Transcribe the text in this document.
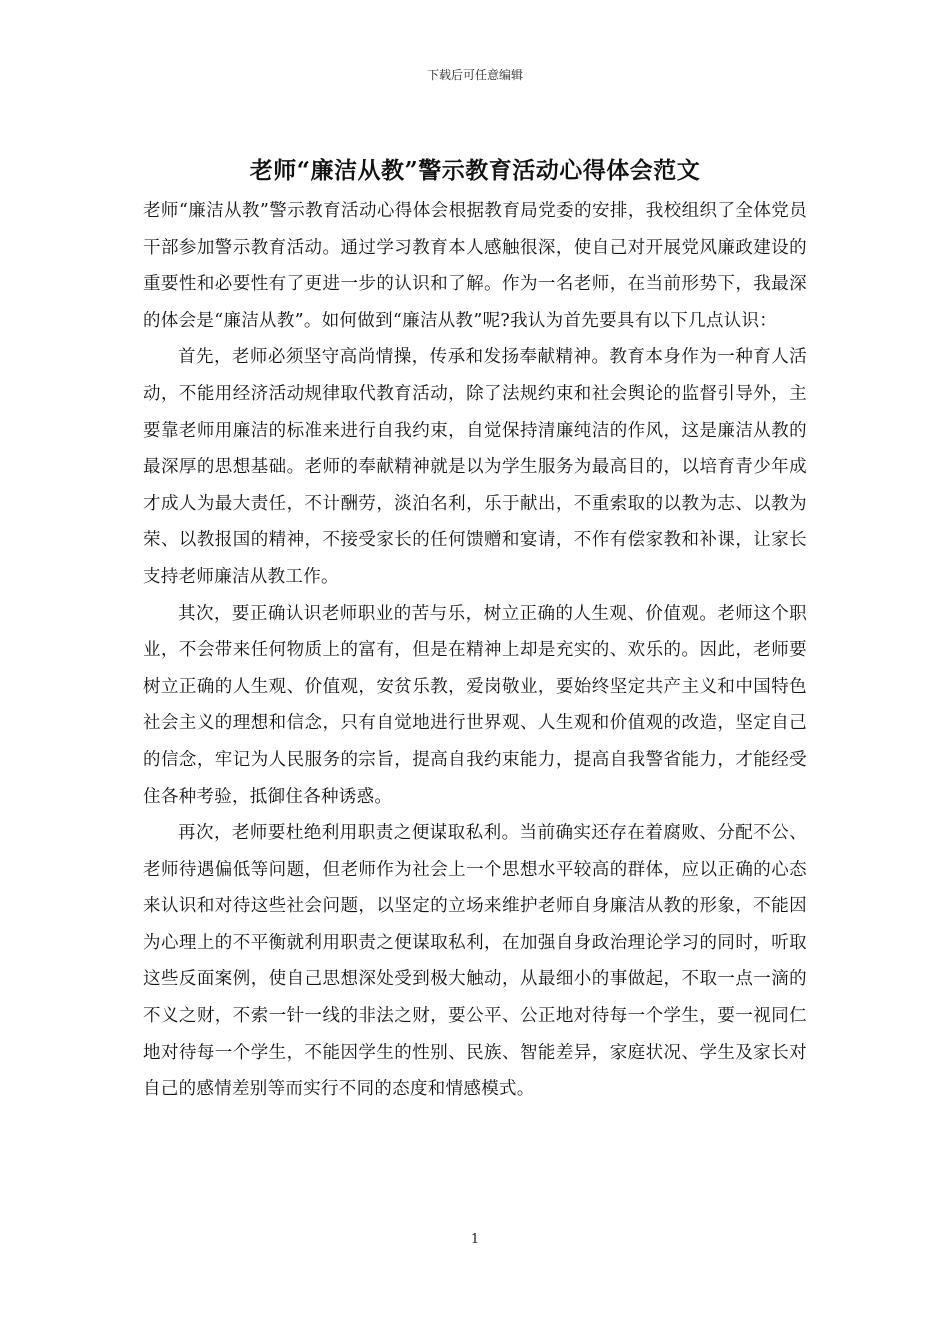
下载后可任意编辑
老师“廉洁从教”警示教育活动心得体会范文

老师“廉洁从教”警示教育活动心得体会根据教育局党委的安排，我校组织了全体党员干部参加警示教育活动。通过学习教育本人感触很深，使自己对开展党风廉政建设的重要性和必要性有了更进一步的认识和了解。作为一名老师，在当前形势下，我最深的体会是“廉洁从教”。如何做到“廉洁从教”呢?我认为首先要具有以下几点认识：

首先，老师必须坚守高尚情操，传承和发扬奉献精神。教育本身作为一种育人活动，不能用经济活动规律取代教育活动，除了法规约束和社会舆论的监督引导外，主要靠老师用廉洁的标准来进行自我约束，自觉保持清廉纯洁的作风，这是廉洁从教的最深厚的思想基础。老师的奉献精神就是以为学生服务为最高目的，以培育青少年成才成人为最大责任，不计酬劳，淡泊名利，乐于献出，不重索取的以教为志、以教为荣、以教报国的精神，不接受家长的任何馈赠和宴请，不作有偿家教和补课，让家长支持老师廉洁从教工作。

其次，要正确认识老师职业的苦与乐，树立正确的人生观、价值观。老师这个职业，不会带来任何物质上的富有，但是在精神上却是充实的、欢乐的。因此，老师要树立正确的人生观、价值观，安贫乐教，爱岗敬业，要始终坚定共产主义和中国特色社会主义的理想和信念，只有自觉地进行世界观、人生观和价值观的改造，坚定自己的信念，牢记为人民服务的宗旨，提高自我约束能力，提高自我警省能力，才能经受住各种考验，抵御住各种诱惑。

再次，老师要杜绝利用职责之便谋取私利。当前确实还存在着腐败、分配不公、老师待遇偏低等问题，但老师作为社会上一个思想水平较高的群体，应以正确的心态来认识和对待这些社会问题，以坚定的立场来维护老师自身廉洁从教的形象，不能因为心理上的不平衡就利用职责之便谋取私利，在加强自身政治理论学习的同时，听取这些反面案例，使自己思想深处受到极大触动，从最细小的事做起，不取一点一滴的不义之财，不索一针一线的非法之财，要公平、公正地对待每一个学生，要一视同仁地对待每一个学生，不能因学生的性别、民族、智能差异，家庭状况、学生及家长对自己的感情差别等而实行不同的态度和情感模式。

1
